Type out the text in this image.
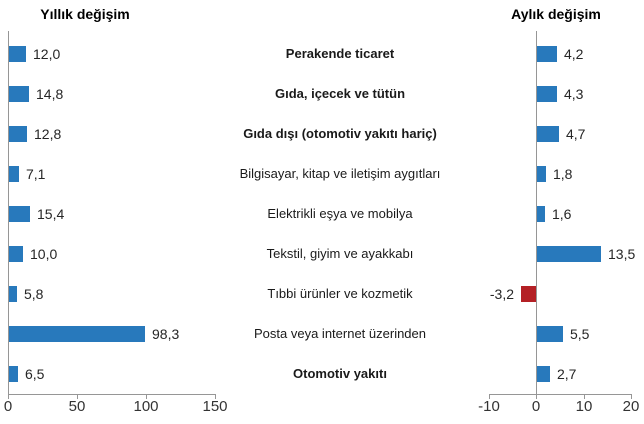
Yıllık değişim	Aylık değişim
12,0	Perakende ticaret	4,2
14,8	Gıda, içecek ve tütün	4,3
12,8	Gıda dışı (otomotiv yakıtı hariç)	4,7
7,1	Bilgisayar, kitap ve iletişim aygıtları	1,8
15,4	Elektrikli eşya ve mobilya	1,6
10,0	Tekstil, giyim ve ayakkabı	13,5
5,8	Tıbbi ürünler ve kozmetik	-3,2
98,3	Posta veya internet üzerinden	5,5
6,5	Otomotiv yakıtı	2,7
0	50	100	150	-10	0	10	20
